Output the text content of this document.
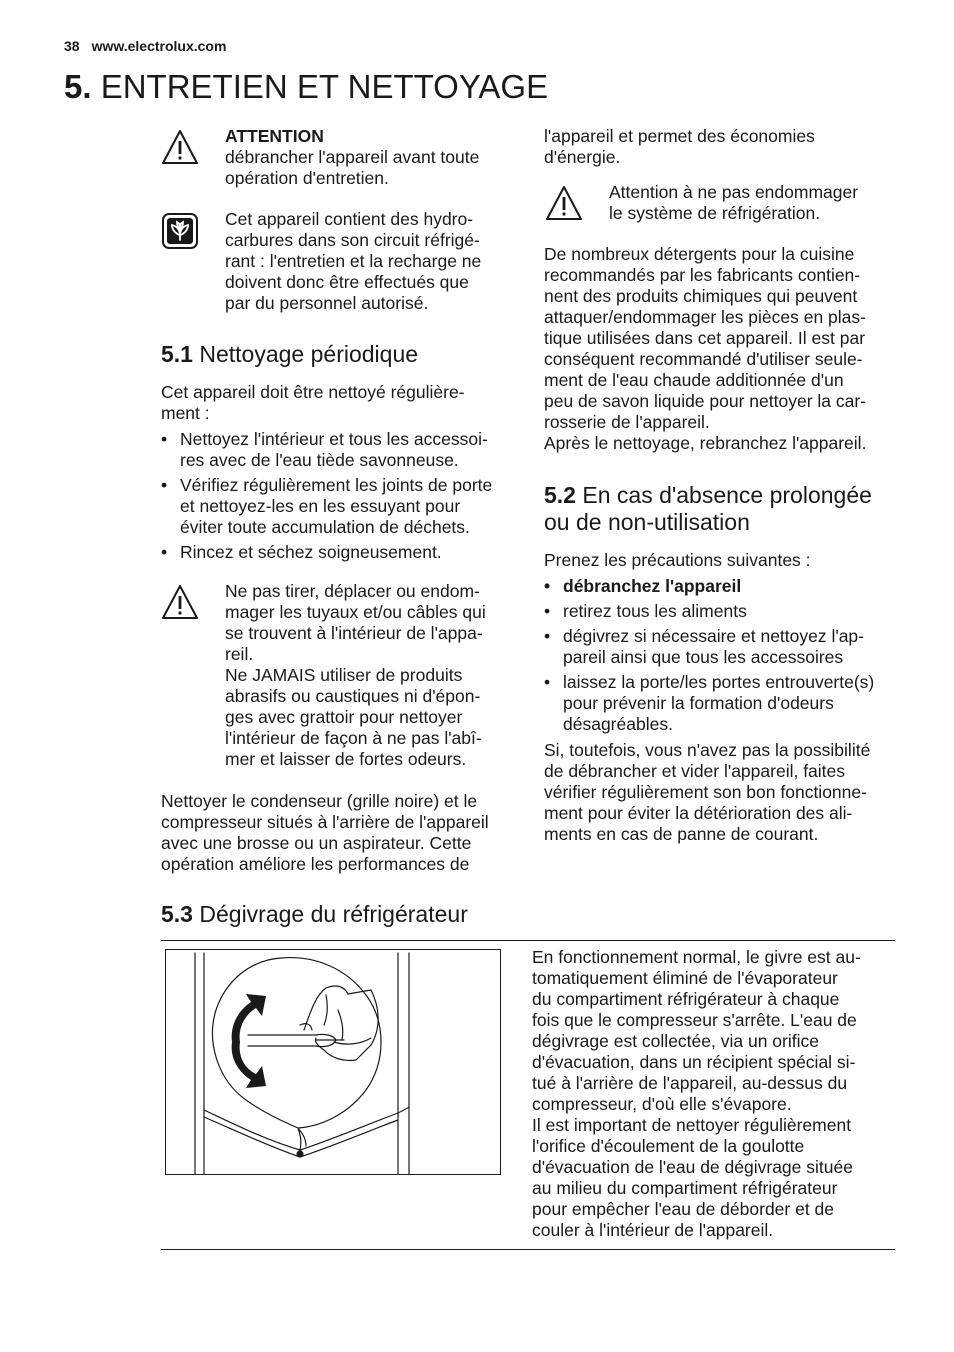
38 www.electrolux.com
5. ENTRETIEN ET NETTOYAGE
ATTENTION
débrancher l'appareil avant toute
opération d'entretien.
Cet appareil contient des hydro-
carbures dans son circuit réfrigé-
rant : l'entretien et la recharge ne
doivent donc être effectués que
par du personnel autorisé.
5.1 Nettoyage périodique
Cet appareil doit être nettoyé régulière-
ment :
• Nettoyez l'intérieur et tous les accessoi-
res avec de l'eau tiède savonneuse.
• Vérifiez régulièrement les joints de porte
et nettoyez-les en les essuyant pour
éviter toute accumulation de déchets.
• Rincez et séchez soigneusement.
Ne pas tirer, déplacer ou endom-
mager les tuyaux et/ou câbles qui
se trouvent à l'intérieur de l'appa-
reil.
Ne JAMAIS utiliser de produits
abrasifs ou caustiques ni d'épon-
ges avec grattoir pour nettoyer
l'intérieur de façon à ne pas l'abî-
mer et laisser de fortes odeurs.
Nettoyer le condenseur (grille noire) et le
compresseur situés à l'arrière de l'appareil
avec une brosse ou un aspirateur. Cette
opération améliore les performances de
l'appareil et permet des économies
d'énergie.
Attention à ne pas endommager
le système de réfrigération.
De nombreux détergents pour la cuisine
recommandés par les fabricants contien-
nent des produits chimiques qui peuvent
attaquer/endommager les pièces en plas-
tique utilisées dans cet appareil. Il est par
conséquent recommandé d'utiliser seule-
ment de l'eau chaude additionnée d'un
peu de savon liquide pour nettoyer la car-
rosserie de l'appareil.
Après le nettoyage, rebranchez l'appareil.
5.2 En cas d'absence prolongée
ou de non-utilisation
Prenez les précautions suivantes :
• débranchez l'appareil
• retirez tous les aliments
• dégivrez si nécessaire et nettoyez l'ap-
pareil ainsi que tous les accessoires
• laissez la porte/les portes entrouverte(s)
pour prévenir la formation d'odeurs
désagréables.
Si, toutefois, vous n'avez pas la possibilité
de débrancher et vider l'appareil, faites
vérifier régulièrement son bon fonctionne-
ment pour éviter la détérioration des ali-
ments en cas de panne de courant.
5.3 Dégivrage du réfrigérateur
En fonctionnement normal, le givre est au-
tomatiquement éliminé de l'évaporateur
du compartiment réfrigérateur à chaque
fois que le compresseur s'arrête. L'eau de
dégivrage est collectée, via un orifice
d'évacuation, dans un récipient spécial si-
tué à l'arrière de l'appareil, au-dessus du
compresseur, d'où elle s'évapore.
Il est important de nettoyer régulièrement
l'orifice d'écoulement de la goulotte
d'évacuation de l'eau de dégivrage située
au milieu du compartiment réfrigérateur
pour empêcher l'eau de déborder et de
couler à l'intérieur de l'appareil.
